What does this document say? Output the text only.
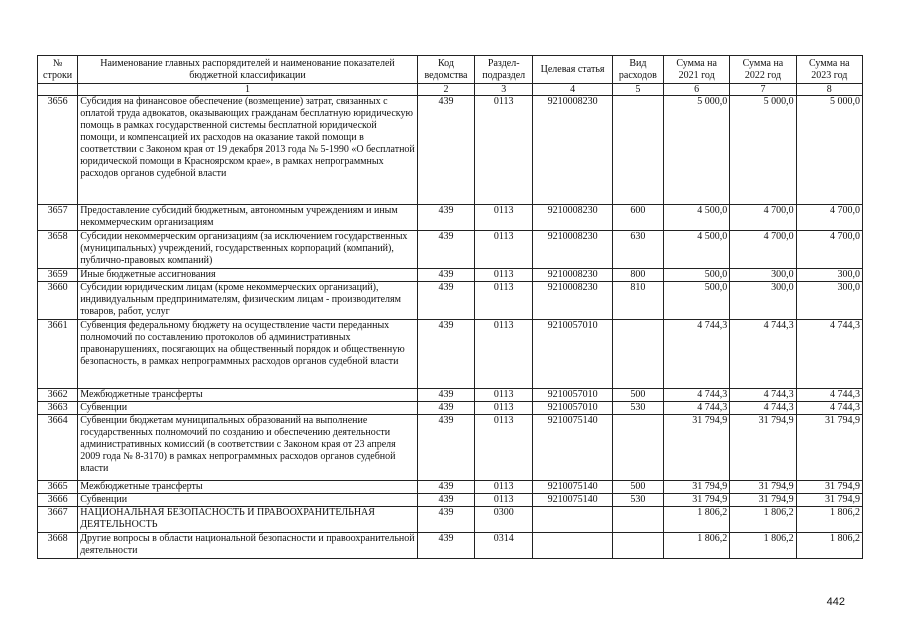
№ строки	Наименование главных распорядителей и наименование показателей бюджетной классификации	Код ведомства	Раздел-подраздел	Целевая статья	Вид расходов	Сумма на 2021 год	Сумма на 2022 год	Сумма на 2023 год
	1	2	3	4	5	6	7	8
3656	Субсидия на финансовое обеспечение (возмещение) затрат, связанных с оплатой труда адвокатов, оказывающих гражданам бесплатную юридическую помощь в рамках государственной системы бесплатной юридической помощи, и компенсацией их расходов на оказание такой помощи в соответствии с Законом края от 19 декабря 2013 года № 5-1990 «О бесплатной юридической помощи в Красноярском крае», в рамках непрограммных расходов органов судебной власти	439	0113	9210008230		5 000,0	5 000,0	5 000,0
3657	Предоставление субсидий бюджетным, автономным учреждениям и иным некоммерческим организациям	439	0113	9210008230	600	4 500,0	4 700,0	4 700,0
3658	Субсидии некоммерческим организациям (за исключением государственных (муниципальных) учреждений, государственных корпораций (компаний), публично-правовых компаний)	439	0113	9210008230	630	4 500,0	4 700,0	4 700,0
3659	Иные бюджетные ассигнования	439	0113	9210008230	800	500,0	300,0	300,0
3660	Субсидии юридическим лицам (кроме некоммерческих организаций), индивидуальным предпринимателям, физическим лицам - производителям товаров, работ, услуг	439	0113	9210008230	810	500,0	300,0	300,0
3661	Субвенция федеральному бюджету на осуществление части переданных полномочий по составлению протоколов об административных правонарушениях, посягающих на общественный порядок и общественную безопасность, в рамках непрограммных расходов органов судебной власти	439	0113	9210057010		4 744,3	4 744,3	4 744,3
3662	Межбюджетные трансферты	439	0113	9210057010	500	4 744,3	4 744,3	4 744,3
3663	Субвенции	439	0113	9210057010	530	4 744,3	4 744,3	4 744,3
3664	Субвенции бюджетам муниципальных образований на выполнение государственных полномочий по созданию и обеспечению деятельности административных комиссий (в соответствии с Законом края от 23 апреля 2009 года № 8-3170) в рамках непрограммных расходов органов судебной власти	439	0113	9210075140		31 794,9	31 794,9	31 794,9
3665	Межбюджетные трансферты	439	0113	9210075140	500	31 794,9	31 794,9	31 794,9
3666	Субвенции	439	0113	9210075140	530	31 794,9	31 794,9	31 794,9
3667	НАЦИОНАЛЬНАЯ БЕЗОПАСНОСТЬ И ПРАВООХРАНИТЕЛЬНАЯ ДЕЯТЕЛЬНОСТЬ	439	0300			1 806,2	1 806,2	1 806,2
3668	Другие вопросы в области национальной безопасности и правоохранительной деятельности	439	0314			1 806,2	1 806,2	1 806,2
442
